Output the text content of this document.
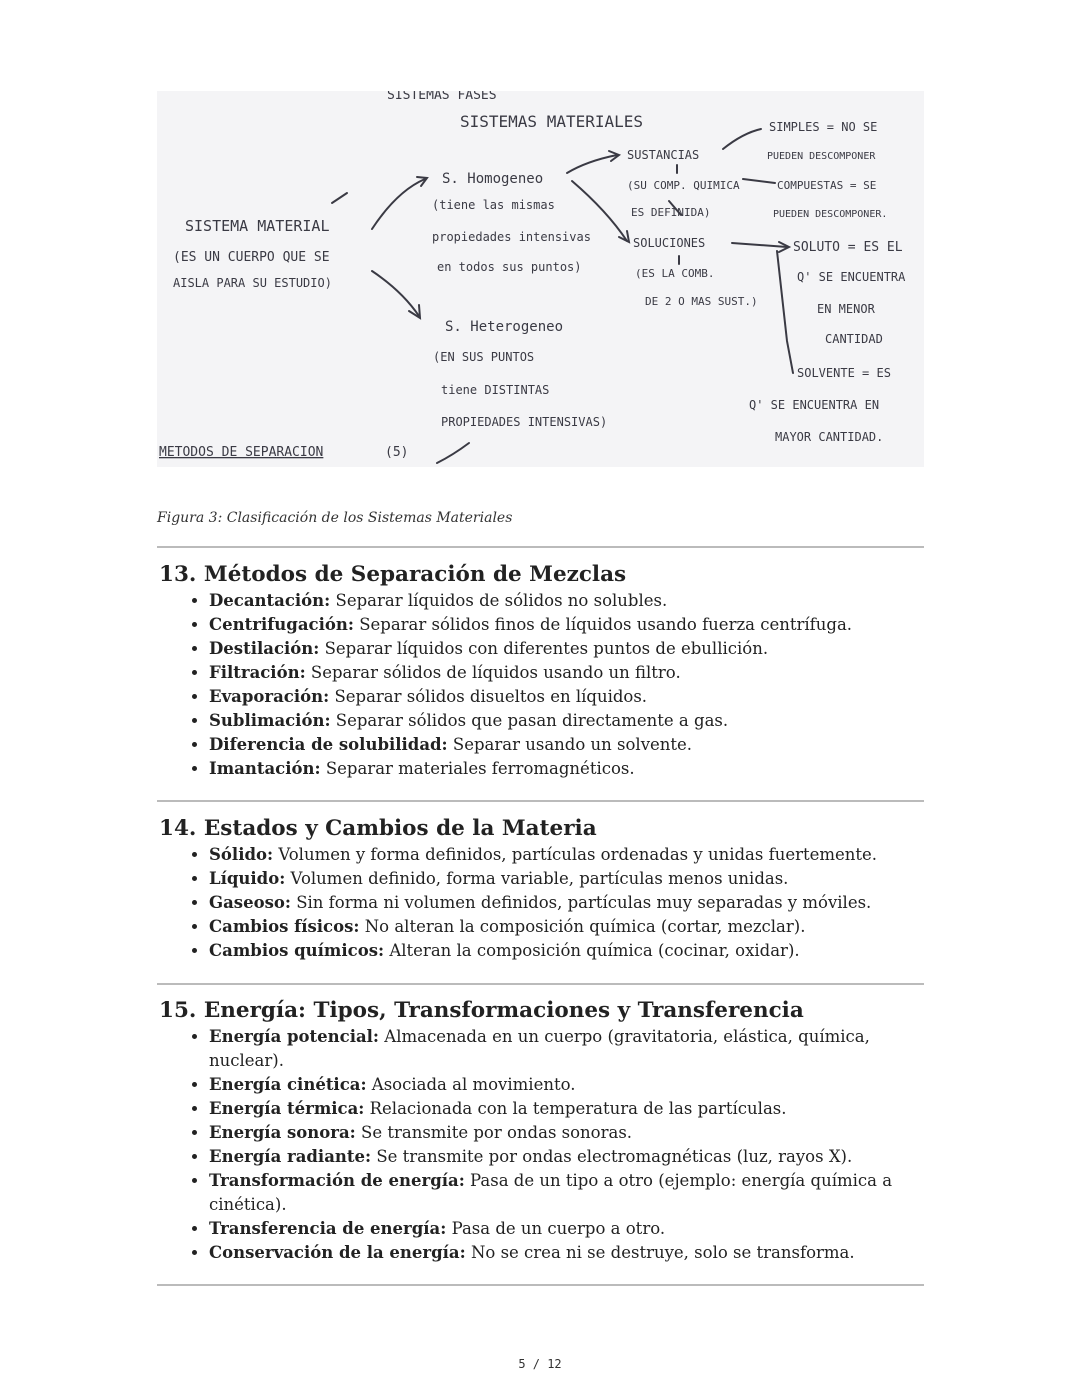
SISTEMAS FASES
SISTEMAS MATERIALES
SISTEMA MATERIAL
(ES UN CUERPO QUE SE
AISLA PARA SU ESTUDIO)
S. Homogeneo
(tiene las mismas
propiedades intensivas
en todos sus puntos)
S. Heterogeneo
(EN SUS PUNTOS
tiene DISTINTAS
PROPIEDADES INTENSIVAS)
SUSTANCIAS
(SU COMP. QUIMICA
ES DEFINIDA)
SIMPLES = NO SE
PUEDEN DESCOMPONER
COMPUESTAS = SE
PUEDEN DESCOMPONER.
SOLUCIONES
(ES LA COMB.
DE 2 O MAS SUST.)
SOLUTO = ES EL
Q' SE ENCUENTRA
EN MENOR
CANTIDAD
SOLVENTE = ES
Q' SE ENCUENTRA EN
MAYOR CANTIDAD.
METODOS DE SEPARACION	(5)
Figura 3: Clasificación de los Sistemas Materiales
13. Métodos de Separación de Mezclas
• Decantación: Separar líquidos de sólidos no solubles.
• Centrifugación: Separar sólidos finos de líquidos usando fuerza centrífuga.
• Destilación: Separar líquidos con diferentes puntos de ebullición.
• Filtración: Separar sólidos de líquidos usando un filtro.
• Evaporación: Separar sólidos disueltos en líquidos.
• Sublimación: Separar sólidos que pasan directamente a gas.
• Diferencia de solubilidad: Separar usando un solvente.
• Imantación: Separar materiales ferromagnéticos.
14. Estados y Cambios de la Materia
• Sólido: Volumen y forma definidos, partículas ordenadas y unidas fuertemente.
• Líquido: Volumen definido, forma variable, partículas menos unidas.
• Gaseoso: Sin forma ni volumen definidos, partículas muy separadas y móviles.
• Cambios físicos: No alteran la composición química (cortar, mezclar).
• Cambios químicos: Alteran la composición química (cocinar, oxidar).
15. Energía: Tipos, Transformaciones y Transferencia
• Energía potencial: Almacenada en un cuerpo (gravitatoria, elástica, química, nuclear).
• Energía cinética: Asociada al movimiento.
• Energía térmica: Relacionada con la temperatura de las partículas.
• Energía sonora: Se transmite por ondas sonoras.
• Energía radiante: Se transmite por ondas electromagnéticas (luz, rayos X).
• Transformación de energía: Pasa de un tipo a otro (ejemplo: energía química a cinética).
• Transferencia de energía: Pasa de un cuerpo a otro.
• Conservación de la energía: No se crea ni se destruye, solo se transforma.
5 / 12
